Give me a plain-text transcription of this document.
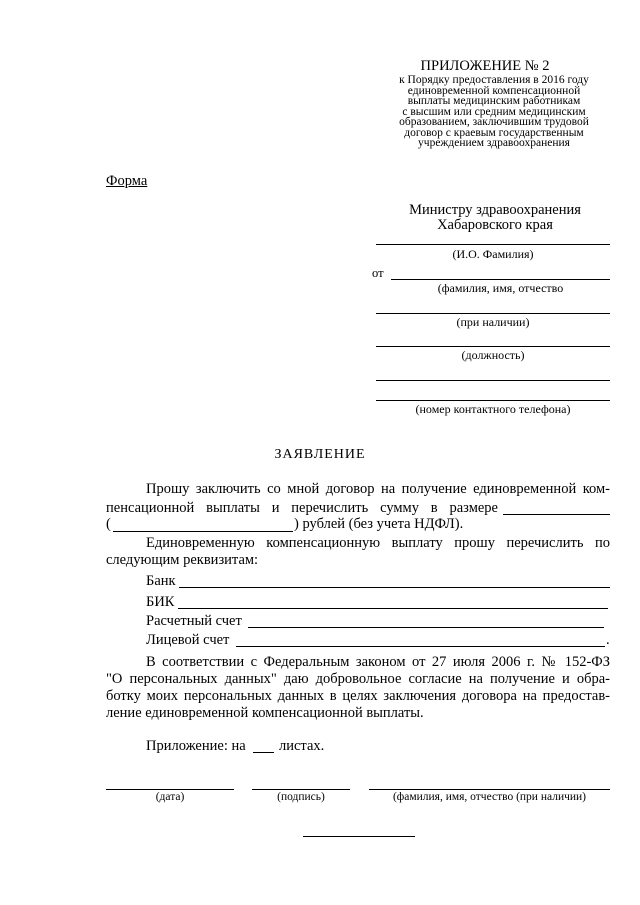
ПРИЛОЖЕНИЕ № 2
к Порядку предоставления в 2016 году
единовременной компенсационной
выплаты медицинским работникам
с высшим или средним медицинским
образованием, заключившим трудовой
договор с краевым государственным
учреждением здравоохранения
Форма
Министру здравоохранения
Хабаровского края
(И.О. Фамилия)
от
(фамилия, имя, отчество
(при наличии)
(должность)
(номер контактного телефона)
ЗАЯВЛЕНИЕ
Прошу заключить со мной договор на получение единовременной ком-
пенсационной выплаты и перечислить сумму в размере
(	) рублей (без учета НДФЛ).
Единовременную компенсационную выплату прошу перечислить по
следующим реквизитам:
Банк
БИК
Расчетный счет
Лицевой счет	.
В соответствии с Федеральным законом от 27 июля 2006 г. № 152-ФЗ
"О персональных данных" даю добровольное согласие на получение и обра-
ботку моих персональных данных в целях заключения договора на предостав-
ление единовременной компенсационной выплаты.
Приложение: на листах.
(дата)	(подпись)	(фамилия, имя, отчество (при наличии)
